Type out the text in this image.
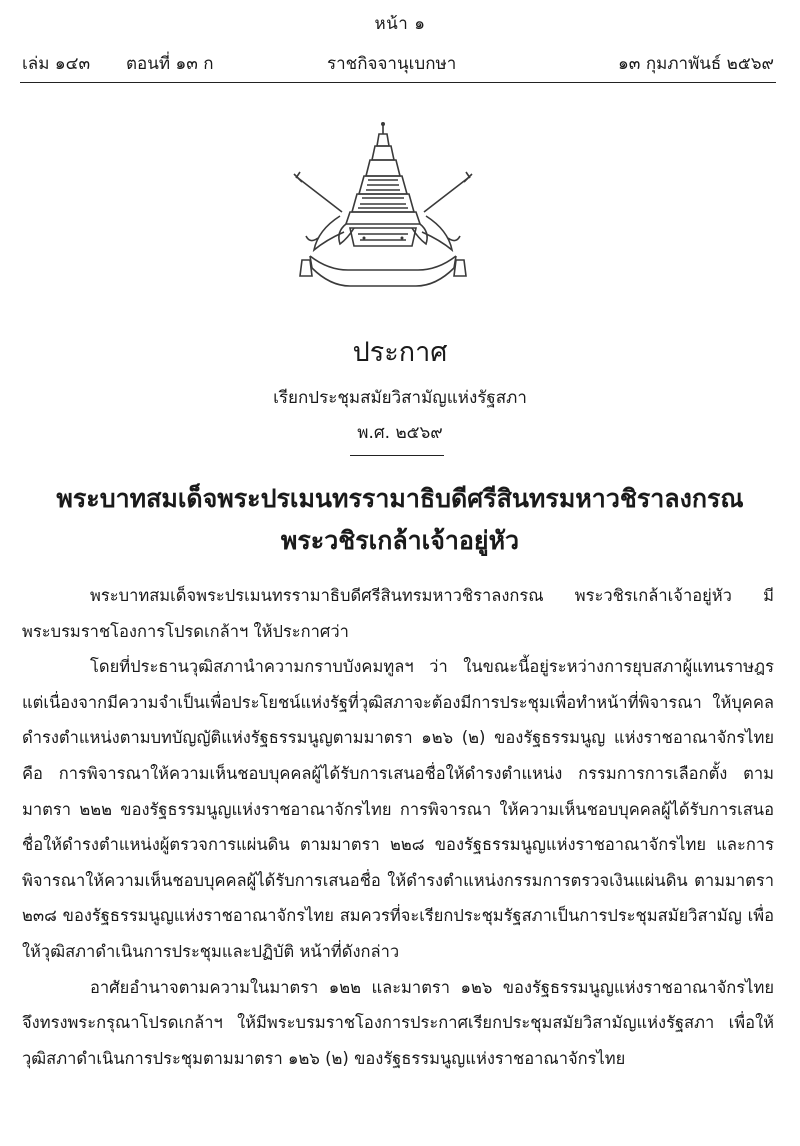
หน้า ๑
เล่ม ๑๔๓ ตอนที่ ๑๓ ก	ราชกิจจานุเบกษา	๑๓ กุมภาพันธ์ ๒๕๖๙
ประกาศ
เรียกประชุมสมัยวิสามัญแห่งรัฐสภา
พ.ศ. ๒๕๖๙
พระบาทสมเด็จพระปรเมนทรรามาธิบดีศรีสินทรมหาวชิราลงกรณ
พระวชิรเกล้าเจ้าอยู่หัว

พระบาทสมเด็จพระปรเมนทรรามาธิบดีศรีสินทรมหาวชิราลงกรณ พระวชิรเกล้าเจ้าอยู่หัว มีพระบรมราชโองการโปรดเกล้าฯ ให้ประกาศว่า

โดยที่ประธานวุฒิสภานำความกราบบังคมทูลฯ ว่า ในขณะนี้อยู่ระหว่างการยุบสภาผู้แทนราษฎร แต่เนื่องจากมีความจำเป็นเพื่อประโยชน์แห่งรัฐที่วุฒิสภาจะต้องมีการประชุมเพื่อทำหน้าที่พิจารณา ให้บุคคลดำรงตำแหน่งตามบทบัญญัติแห่งรัฐธรรมนูญตามมาตรา ๑๒๖ (๒) ของรัฐธรรมนูญ แห่งราชอาณาจักรไทย คือ การพิจารณาให้ความเห็นชอบบุคคลผู้ได้รับการเสนอชื่อให้ดำรงตำแหน่ง กรรมการการเลือกตั้ง ตามมาตรา ๒๒๒ ของรัฐธรรมนูญแห่งราชอาณาจักรไทย การพิจารณา ให้ความเห็นชอบบุคคลผู้ได้รับการเสนอชื่อให้ดำรงตำแหน่งผู้ตรวจการแผ่นดิน ตามมาตรา ๒๒๘ ของรัฐธรรมนูญแห่งราชอาณาจักรไทย และการพิจารณาให้ความเห็นชอบบุคคลผู้ได้รับการเสนอชื่อ ให้ดำรงตำแหน่งกรรมการตรวจเงินแผ่นดิน ตามมาตรา ๒๓๘ ของรัฐธรรมนูญแห่งราชอาณาจักรไทย สมควรที่จะเรียกประชุมรัฐสภาเป็นการประชุมสมัยวิสามัญ เพื่อให้วุฒิสภาดำเนินการประชุมและปฏิบัติ หน้าที่ดังกล่าว

อาศัยอำนาจตามความในมาตรา ๑๒๒ และมาตรา ๑๒๖ ของรัฐธรรมนูญแห่งราชอาณาจักรไทย จึงทรงพระกรุณาโปรดเกล้าฯ ให้มีพระบรมราชโองการประกาศเรียกประชุมสมัยวิสามัญแห่งรัฐสภา เพื่อให้วุฒิสภาดำเนินการประชุมตามมาตรา ๑๒๖ (๒) ของรัฐธรรมนูญแห่งราชอาณาจักรไทย
